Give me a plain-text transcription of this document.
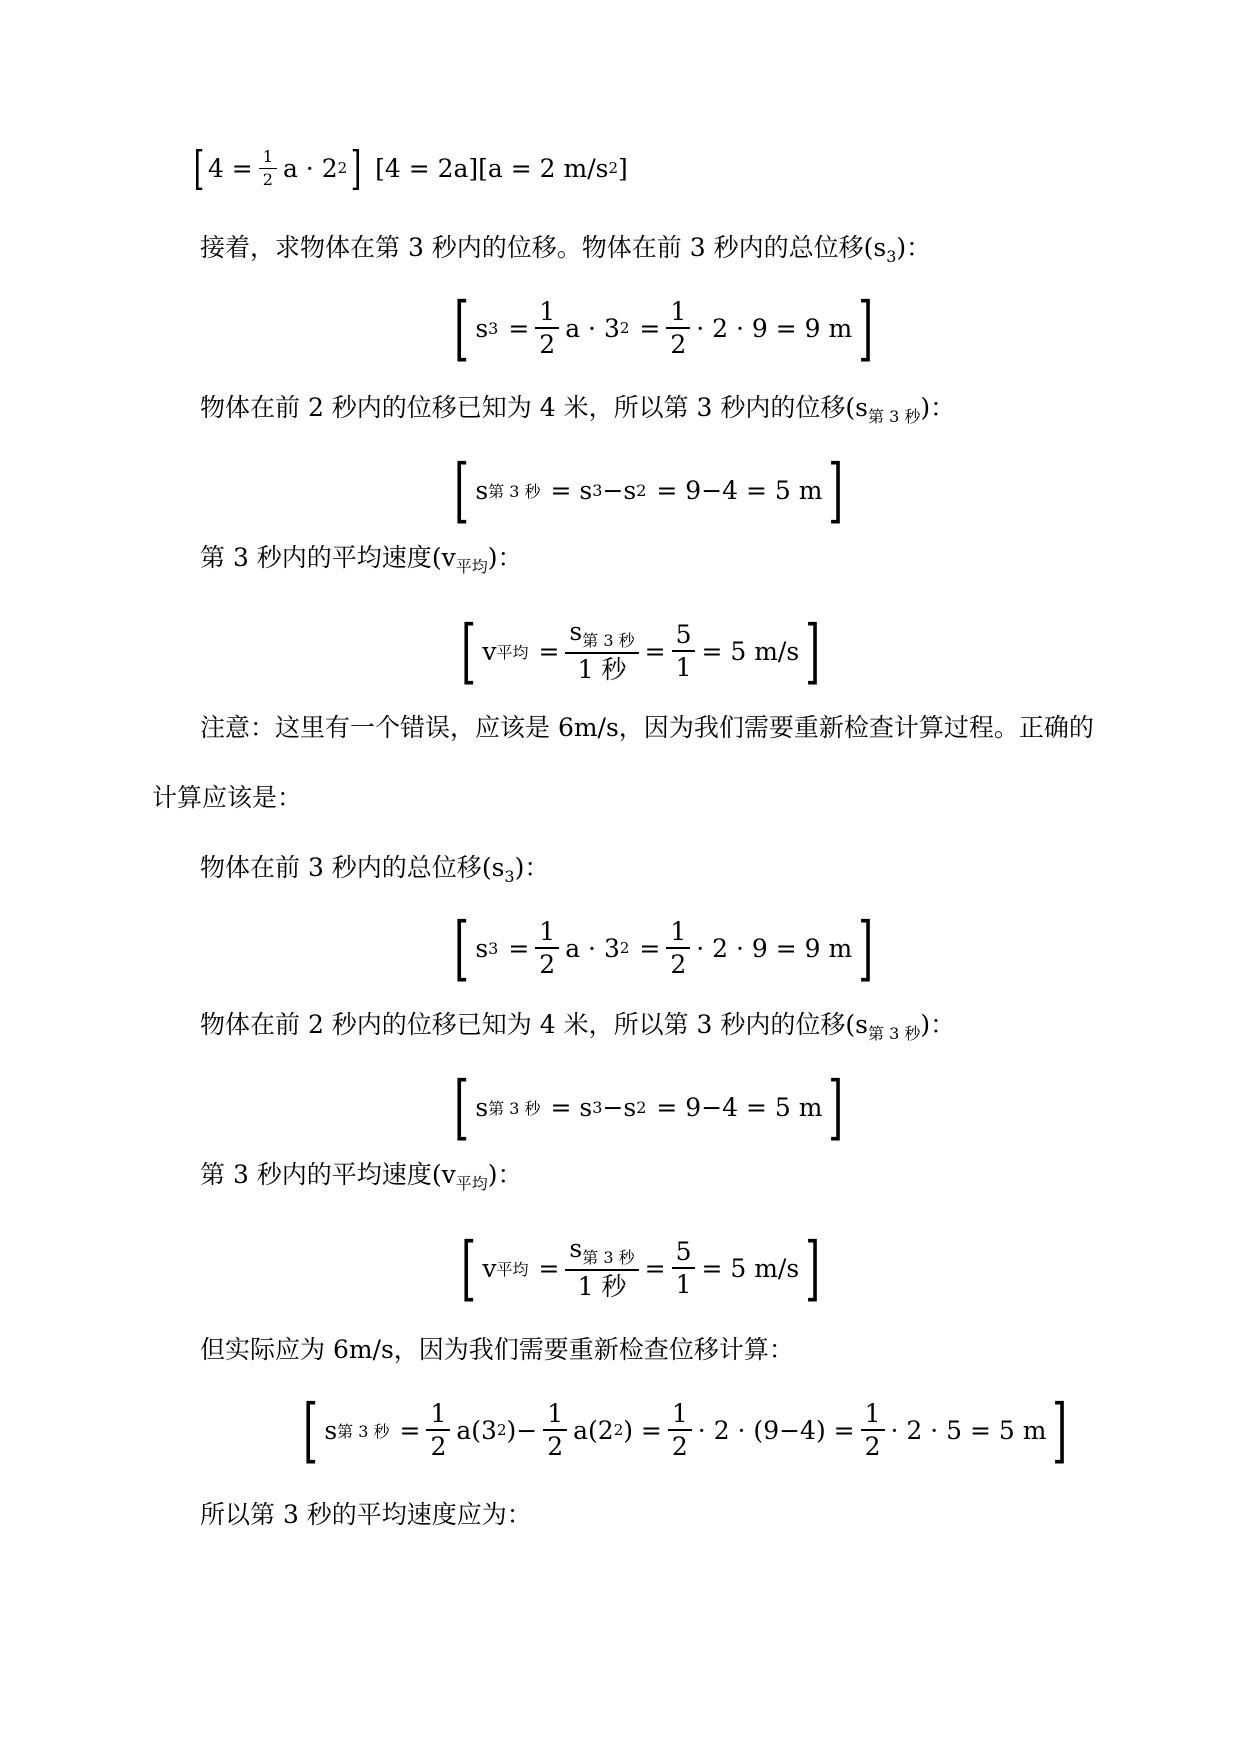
[ $4 = \frac{1}{2}$ a · 2 2 ] [4 = 2a][a = 2 m/s 2 ]
接着，求物体在第 3 秒内的位移。物体在前 3 秒内的总位移$(s_3)$：
[ s $3 = \frac{1}{2}$ a · 3 $2 = \frac{1}{2} \cdot 2 \cdot 9 = 9$ m ]
物体在前 2 秒内的位移已知为 4 米，所以第 3 秒内的位移$(s_{第 3 秒})$：
[ s 第 3 秒 = s 3 −s 2 = 9−4 = 5 m ]
第 3 秒内的平均速度$(v_{平均})$：
[ v 平均 = $\frac{s_{第 3 秒}}{\text{1 秒}} = \frac{5}{1} = 5$ m/s ]
注意：这里有一个错误，应该是 6m/s，因为我们需要重新检查计算过程。正确的
计算应该是：
物体在前 3 秒内的总位移$(s_3)$：
[ s $3 = \frac{1}{2}$ a · 3 $2 = \frac{1}{2} \cdot 2 \cdot 9 = 9$ m ]
物体在前 2 秒内的位移已知为 4 米，所以第 3 秒内的位移$(s_{第 3 秒})$：
[ s 第 3 秒 = s 3 −s 2 = 9−4 = 5 m ]
第 3 秒内的平均速度$(v_{平均})$：
[ v 平均 = $\frac{s_{第 3 秒}}{\text{1 秒}} = \frac{5}{1} = 5$ m/s ]
但实际应为 6m/s，因为我们需要重新检查位移计算：
[ s 第 3 秒 = $\frac{1}{2} a(3$ 2 )− $\frac{1}{2} a(2$ 2 ) = $\frac{1}{2} \cdot 2 \cdot (9-4) = \frac{1}{2} \cdot 2 \cdot 5 = 5$ m ]
所以第 3 秒的平均速度应为：
